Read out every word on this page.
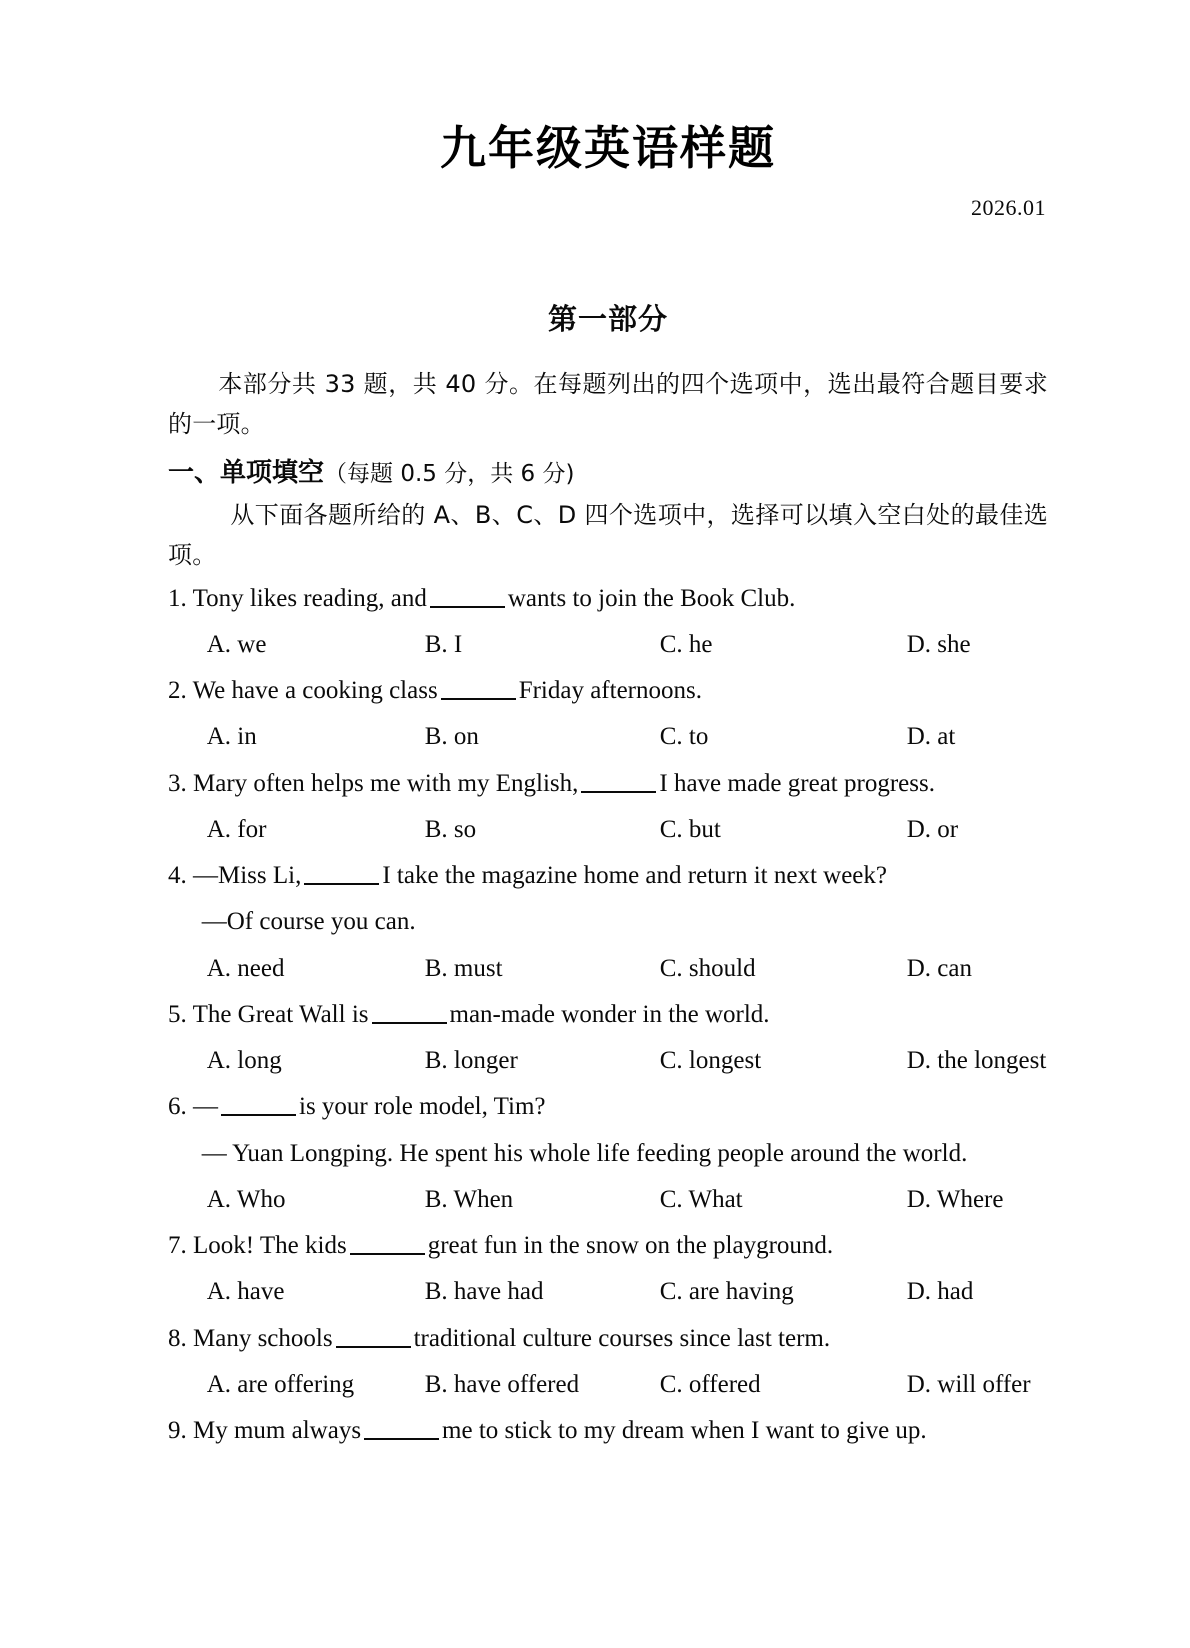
九年级英语样题
2026.01
第一部分

本部分共 33 题，共 40 分。在每题列出的四个选项中，选出最符合题目要求的一项。

一、单项填空（每题 0.5 分，共 6 分)

从下面各题所给的 A、B、C、D 四个选项中，选择可以填入空白处的最佳选项。

1. Tony likes reading, and	wants to join the Book Club.

A. we	B. I	C. he	D. she

2. We have a cooking class	Friday afternoons.

A. in	B. on	C. to	D. at

3. Mary often helps me with my English,	I have made great progress.

A. for	B. so	C. but	D. or

4. —Miss Li,	I take the magazine home and return it next week?

—Of course you can.

A. need	B. must	C. should	D. can

5. The Great Wall is	man-made wonder in the world.

A. long	B. longer	C. longest	D. the longest

6. —	is your role model, Tim?

— Yuan Longping. He spent his whole life feeding people around the world.

A. Who	B. When	C. What	D. Where

7. Look! The kids	great fun in the snow on the playground.

A. have	B. have had	C. are having	D. had

8. Many schools	traditional culture courses since last term.

A. are offering	B. have offered	C. offered	D. will offer

9. My mum always	me to stick to my dream when I want to give up.
